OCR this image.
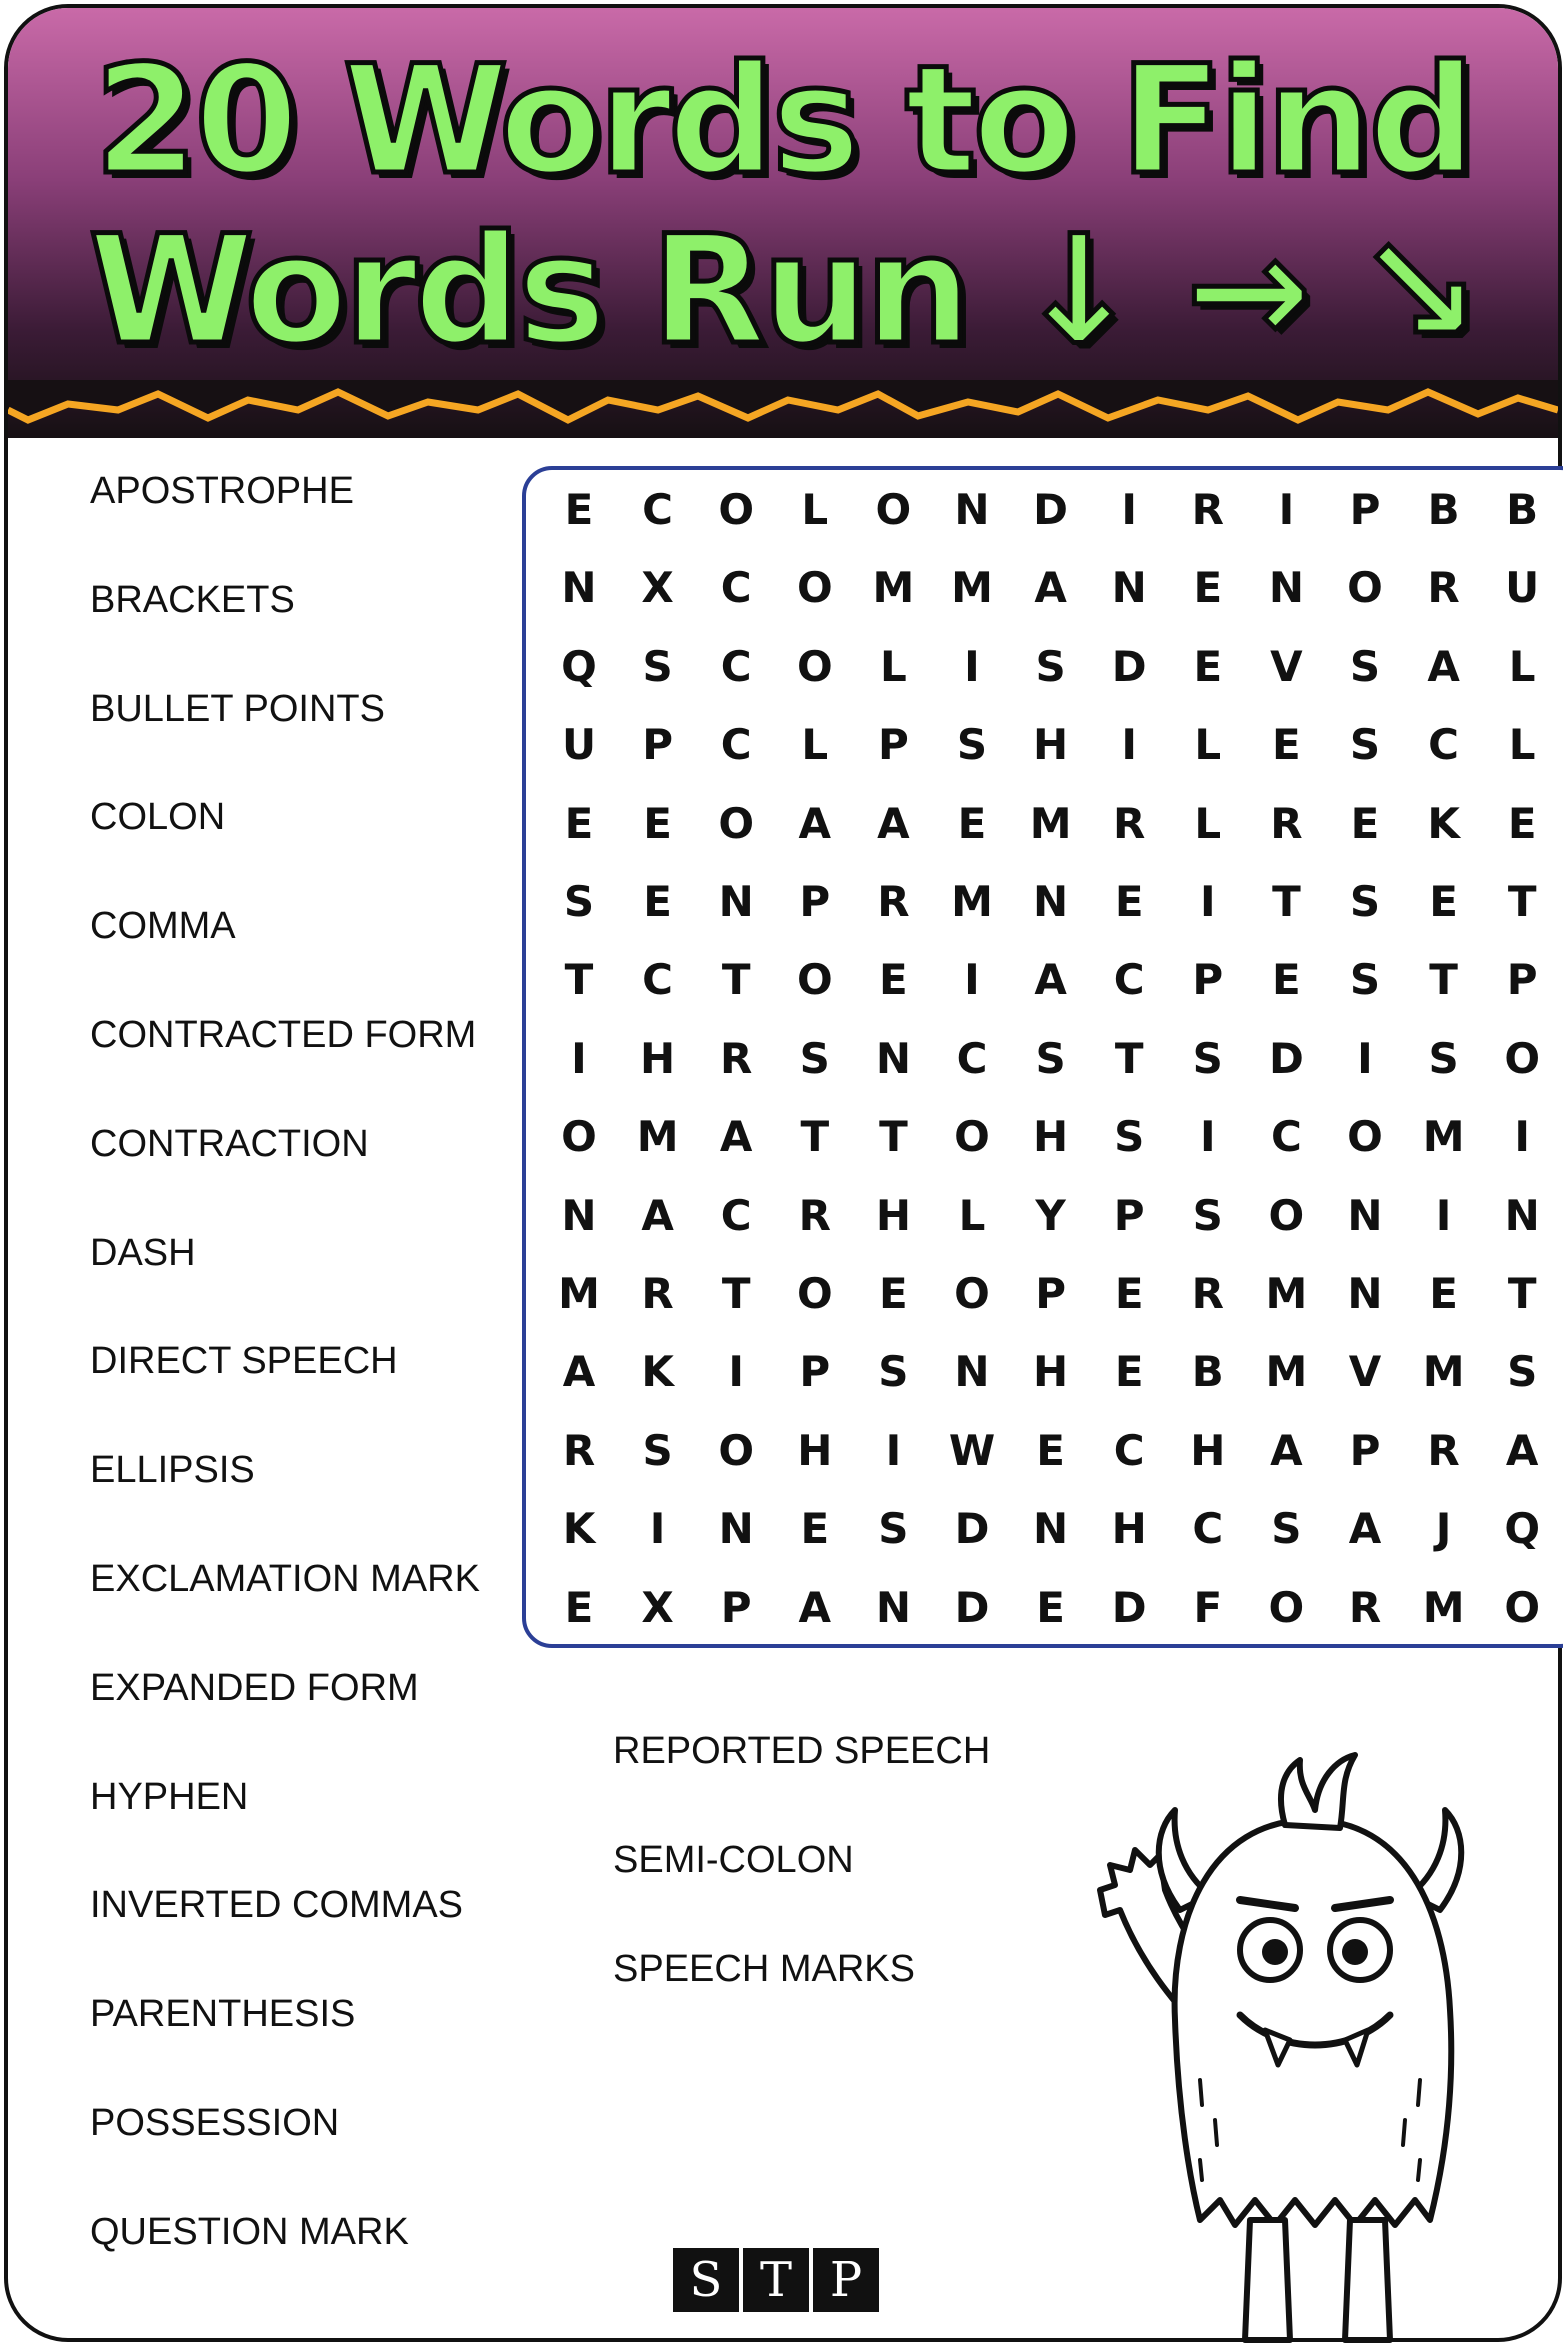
20 Words to Find
Words Run ↓ → ↘
APOSTROPHE
BRACKETS
BULLET POINTS
COLON
COMMA
CONTRACTED FORM
CONTRACTION
DASH
DIRECT SPEECH
ELLIPSIS
EXCLAMATION MARK
EXPANDED FORM
HYPHEN
INVERTED COMMAS
PARENTHESIS
POSSESSION
QUESTION MARK
REPORTED SPEECH
SEMI-COLON
SPEECH MARKS
E	C	O	L	O	N	D	I	R	I	P	B	B
N	X	C	O M M A	N	E	N	O	R	U
Q	S	C	O	L	I	S	D	E	V	S	A	L
U	P	C	L	P	S	H	I	L	E	S	C	L
E	E	O	A	A	E	M R	L	R	E	K	E
S	E	N	P	R M N	E	I	T	S	E	T
T	C	T	O	E	I	A	C	P	E	S	T	P
I	H	R	S	N	C	S	T	S	D	I	S	O
O M A	T	T	O	H	S	I	C	O M	I
N	A	C	R	H	L	Y	P	S	O	N	I	N
M R	T	O	E	O	P	E	R M N	E	T
A	K	I	P	S	N	H	E	B M V M	S
R	S	O	H	I	W E	C	H	A	P	R	A
K	I	N	E	S	D	N	H	C	S	A	J	Q
E	X	P	A	N	D	E	D	F	O	R M O
S T P
